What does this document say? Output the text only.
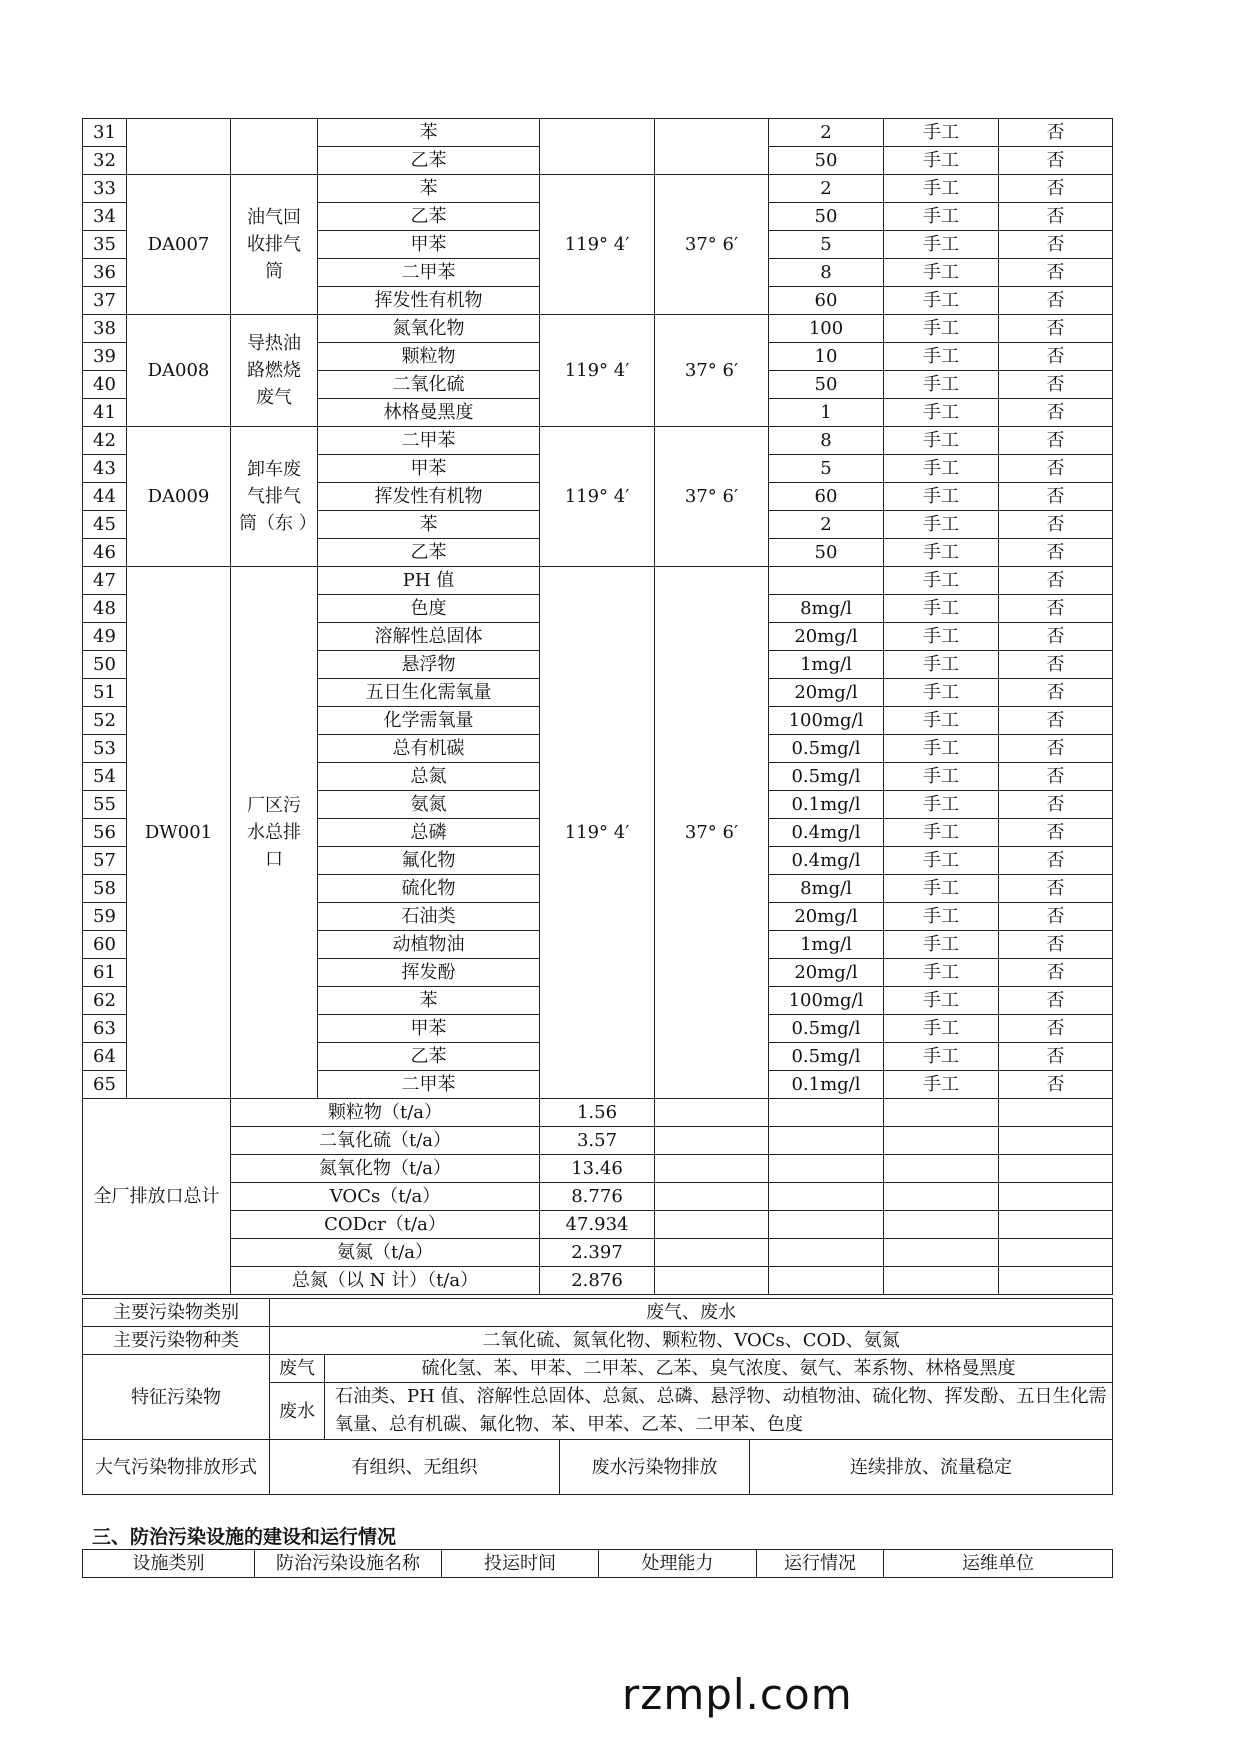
31			苯			2	手工	否
32			乙苯			50	手工	否
33	DA007	油气回收排气筒	苯	119° 4′	37° 6′	2	手工	否
34			乙苯			50	手工	否
35			甲苯			5	手工	否
36			二甲苯			8	手工	否
37			挥发性有机物			60	手工	否
38	DA008	导热油路燃烧废气	氮氧化物	119° 4′	37° 6′	100	手工	否
39			颗粒物			10	手工	否
40			二氧化硫			50	手工	否
41			林格曼黑度			1	手工	否
42	DA009	卸车废气排气筒（东 ）	二甲苯	119° 4′	37° 6′	8	手工	否
43			甲苯			5	手工	否
44			挥发性有机物			60	手工	否
45			苯			2	手工	否
46			乙苯			50	手工	否
47	DW001	厂区污水总排口	PH 值	119° 4′	37° 6′		手工	否
48			色度			8mg/l	手工	否
49			溶解性总固体			20mg/l	手工	否
50			悬浮物			1mg/l	手工	否
51			五日生化需氧量			20mg/l	手工	否
52			化学需氧量			100mg/l	手工	否
53			总有机碳			0.5mg/l	手工	否
54			总氮			0.5mg/l	手工	否
55			氨氮			0.1mg/l	手工	否
56			总磷			0.4mg/l	手工	否
57			氟化物			0.4mg/l	手工	否
58			硫化物			8mg/l	手工	否
59			石油类			20mg/l	手工	否
60			动植物油			1mg/l	手工	否
61			挥发酚			20mg/l	手工	否
62			苯			100mg/l	手工	否
63			甲苯			0.5mg/l	手工	否
64			乙苯			0.5mg/l	手工	否
65			二甲苯			0.1mg/l	手工	否
全厂排放口总计		颗粒物（t/a）		1.56				
		二氧化硫（t/a）		3.57				
		氮氧化物（t/a）		13.46				
		VOCs（t/a）		8.776				
		CODcr（t/a）		47.934				
		氨氮（t/a）		2.397				
		总氮（以 N 计）（t/a）		2.876				
主要污染物类别	废气、废水			
主要污染物种类	二氧化硫、氮氧化物、颗粒物、VOCs、COD、氨氮			
特征污染物	废气	硫化氢、苯、甲苯、二甲苯、乙苯、臭气浓度、氨气、苯系物、林格曼黑度		
	废水	石油类、PH 值、溶解性总固体、总氮、总磷、悬浮物、动植物油、硫化物、挥发酚、五日生化需氧量、总有机碳、氟化物、苯、甲苯、乙苯、二甲苯、色度		
大气污染物排放形式	有组织、无组织		废水污染物排放	连续排放、流量稳定
三、防治污染设施的建设和运行情况
设施类别	防治污染设施名称	投运时间	处理能力	运行情况	运维单位
rzmpl.com
